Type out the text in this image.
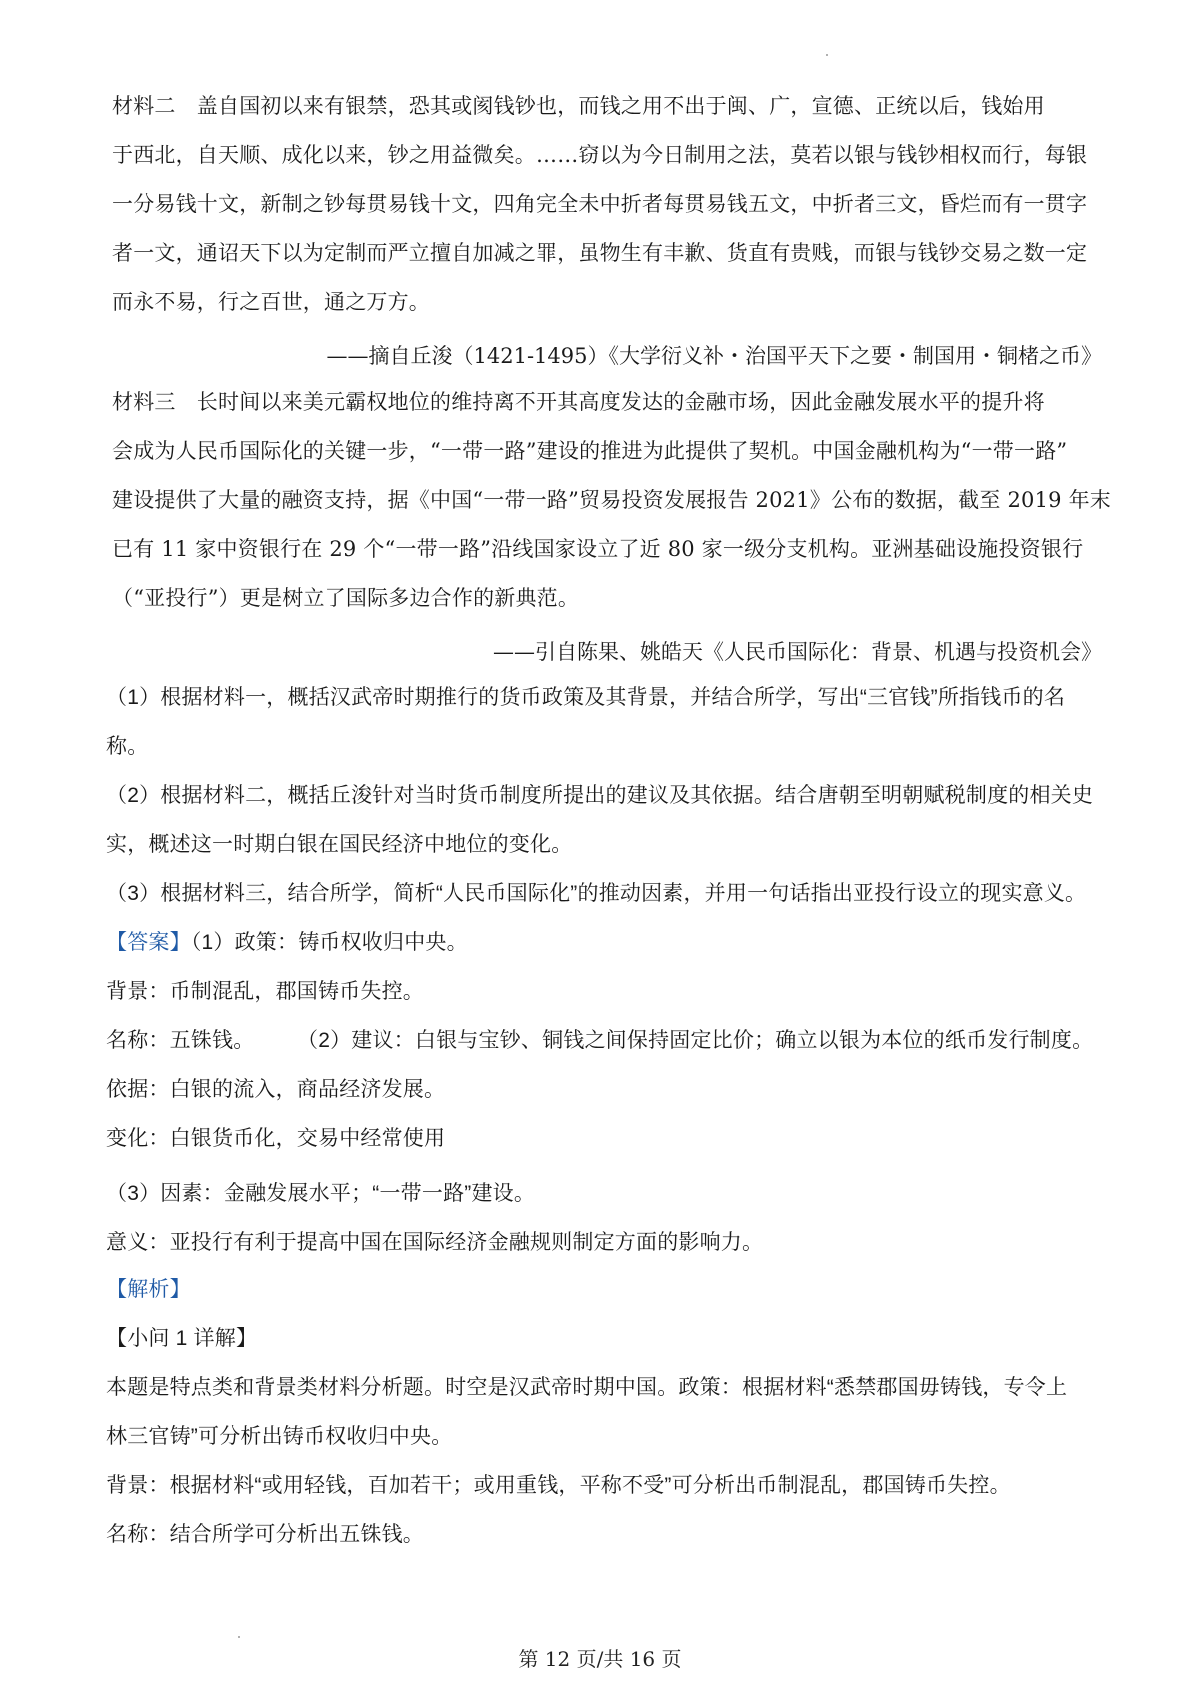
材料二　盖自国初以来有银禁，恐其或阂钱钞也，而钱之用不出于闽、广，宣德、正统以后，钱始用
于西北，自天顺、成化以来，钞之用益微矣。……窃以为今日制用之法，莫若以银与钱钞相权而行，每银
一分易钱十文，新制之钞每贯易钱十文，四角完全未中折者每贯易钱五文，中折者三文，昏烂而有一贯字
者一文，通诏天下以为定制而严立擅自加减之罪，虽物生有丰歉、货直有贵贱，而银与钱钞交易之数一定
而永不易，行之百世，通之万方。
——摘自丘浚（1421-1495）《大学衍义补・治国平天下之要・制国用・铜楮之币》
材料三　长时间以来美元霸权地位的维持离不开其高度发达的金融市场，因此金融发展水平的提升将
会成为人民币国际化的关键一步，“一带一路”建设的推进为此提供了契机。中国金融机构为“一带一路”
建设提供了大量的融资支持，据《中国“一带一路”贸易投资发展报告 2021》公布的数据，截至 2019 年末
已有 11 家中资银行在 29 个“一带一路”沿线国家设立了近 80 家一级分支机构。亚洲基础设施投资银行
（“亚投行”）更是树立了国际多边合作的新典范。
——引自陈果、姚皓天《人民币国际化：背景、机遇与投资机会》
（1）根据材料一，概括汉武帝时期推行的货币政策及其背景，并结合所学，写出“三官钱”所指钱币的名
称。
（2）根据材料二，概括丘浚针对当时货币制度所提出的建议及其依据。结合唐朝至明朝赋税制度的相关史
实，概述这一时期白银在国民经济中地位的变化。
（3）根据材料三，结合所学，简析“人民币国际化”的推动因素，并用一句话指出亚投行设立的现实意义。
【答案】（1）政策：铸币权收归中央。
背景：币制混乱，郡国铸币失控。
名称：五铢钱。　　　（2）建议：白银与宝钞、铜钱之间保持固定比价；确立以银为本位的纸币发行制度。
依据：白银的流入，商品经济发展。
变化：白银货币化，交易中经常使用
（3）因素：金融发展水平；“一带一路”建设。
意义：亚投行有利于提高中国在国际经济金融规则制定方面的影响力。
【解析】
【小问 1 详解】
本题是特点类和背景类材料分析题。时空是汉武帝时期中国。政策：根据材料“悉禁郡国毋铸钱，专令上
林三官铸”可分析出铸币权收归中央。
背景：根据材料“或用轻钱，百加若干；或用重钱，平称不受”可分析出币制混乱，郡国铸币失控。
名称：结合所学可分析出五铢钱。
第 12 页/共 16 页
